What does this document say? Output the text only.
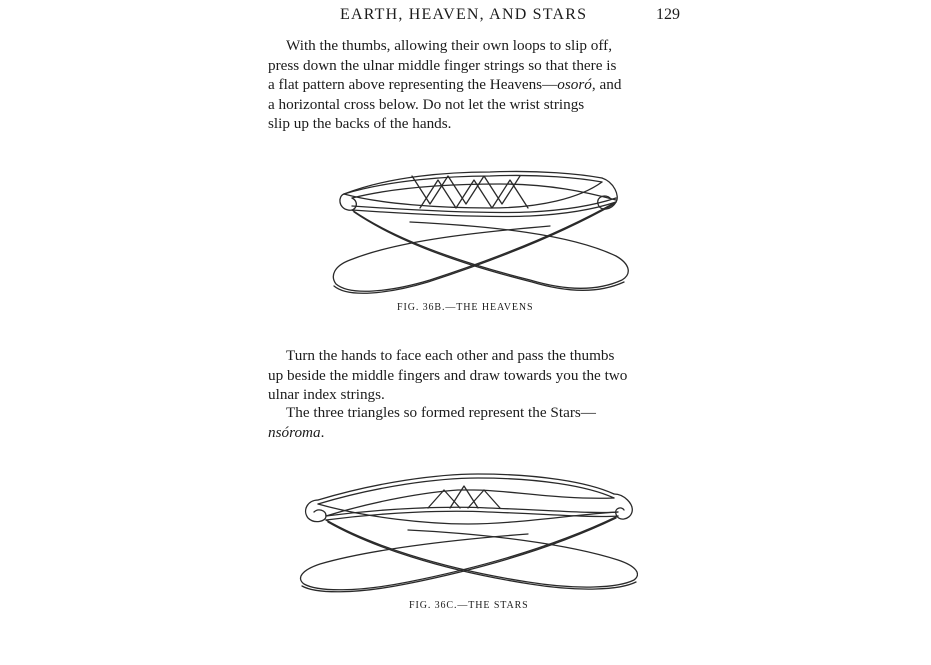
EARTH, HEAVEN, AND STARS	129
With the thumbs, allowing their own loops to slip off,
press down the ulnar middle finger strings so that there is
a flat pattern above representing the Heavens—osoró, and
a horizontal cross below. Do not let the wrist strings
slip up the backs of the hands.
FIG. 36B.—THE HEAVENS
Turn the hands to face each other and pass the thumbs
up beside the middle fingers and draw towards you the two
ulnar index strings.
The three triangles so formed represent the Stars—
nsóroma.
FIG. 36C.—THE STARS
